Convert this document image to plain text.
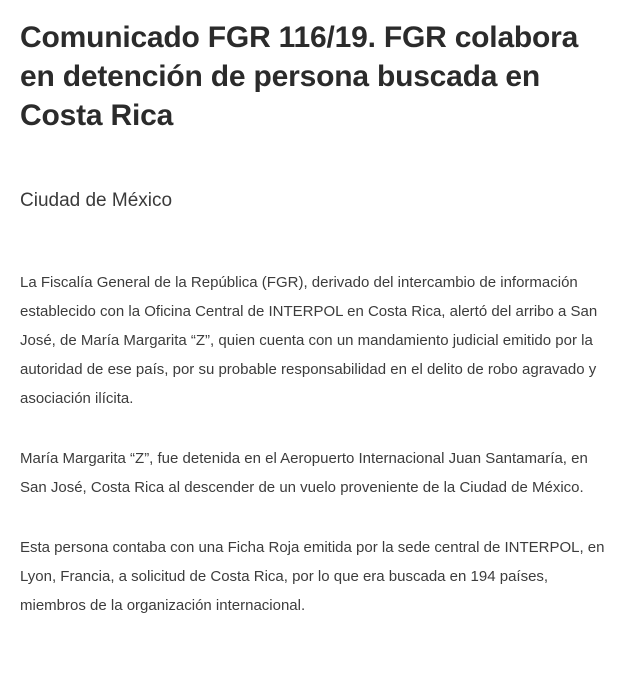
Comunicado FGR 116/19. FGR colabora en detención de persona buscada en Costa Rica
Ciudad de México

La Fiscalía General de la República (FGR), derivado del intercambio de información establecido con la Oficina Central de INTERPOL en Costa Rica, alertó del arribo a San José, de María Margarita “Z”, quien cuenta con un mandamiento judicial emitido por la autoridad de ese país, por su probable responsabilidad en el delito de robo agravado y asociación ilícita.

María Margarita “Z”, fue detenida en el Aeropuerto Internacional Juan Santamaría, en San José, Costa Rica al descender de un vuelo proveniente de la Ciudad de México.

Esta persona contaba con una Ficha Roja emitida por la sede central de INTERPOL, en Lyon, Francia, a solicitud de Costa Rica, por lo que era buscada en 194 países, miembros de la organización internacional.
